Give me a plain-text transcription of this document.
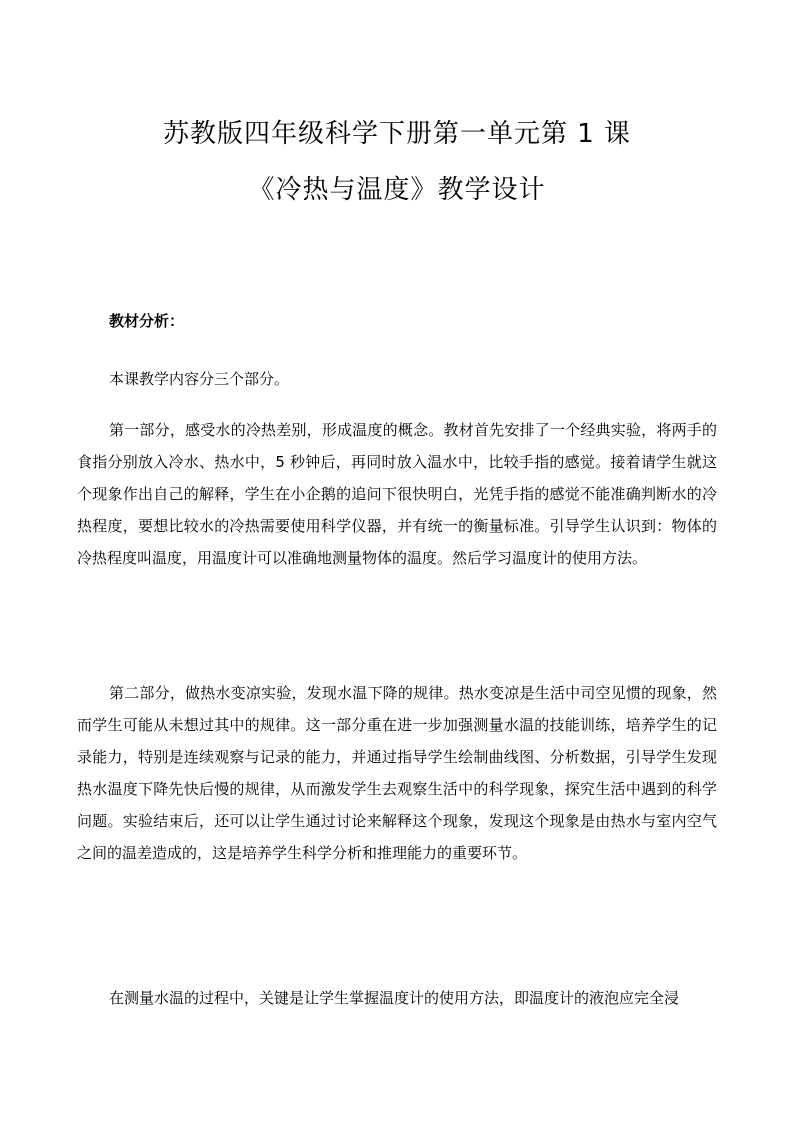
苏教版四年级科学下册第一单元第 1 课
《冷热与温度》教学设计
教材分析：

本课教学内容分三个部分。

第一部分，感受水的冷热差别，形成温度的概念。教材首先安排了一个经典实验，将两手的食指分别放入冷水、热水中，5 秒钟后，再同时放入温水中，比较手指的感觉。接着请学生就这个现象作出自己的解释，学生在小企鹅的追问下很快明白，光凭手指的感觉不能准确判断水的冷热程度，要想比较水的冷热需要使用科学仪器，并有统一的衡量标准。引导学生认识到：物体的冷热程度叫温度，用温度计可以准确地测量物体的温度。然后学习温度计的使用方法。

第二部分，做热水变凉实验，发现水温下降的规律。热水变凉是生活中司空见惯的现象，然而学生可能从未想过其中的规律。这一部分重在进一步加强测量水温的技能训练，培养学生的记录能力，特别是连续观察与记录的能力，并通过指导学生绘制曲线图、分析数据，引导学生发现热水温度下降先快后慢的规律，从而激发学生去观察生活中的科学现象，探究生活中遇到的科学问题。实验结束后，还可以让学生通过讨论来解释这个现象，发现这个现象是由热水与室内空气之间的温差造成的，这是培养学生科学分析和推理能力的重要环节。

在测量水温的过程中，关键是让学生掌握温度计的使用方法，即温度计的液泡应完全浸
